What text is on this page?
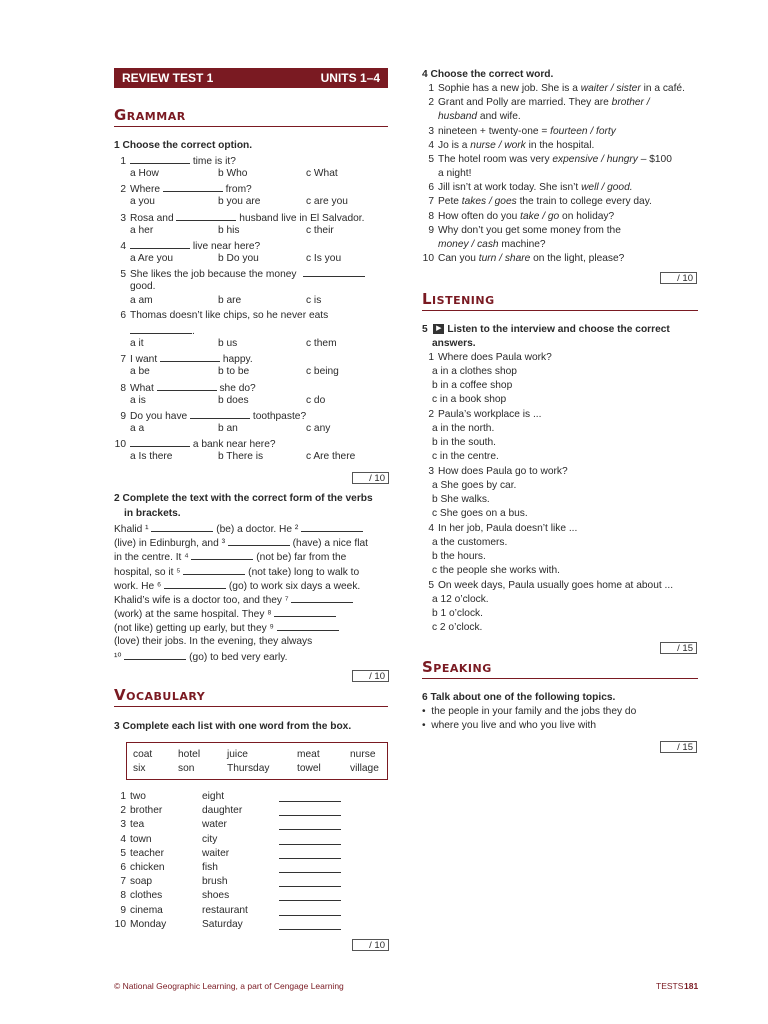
REVIEW TEST 1	UNITS 1–4
Grammar
1 Choose the correct option.
1	time is it?
a How	b Who	c What
2 Where	from?
a you	b you are	c are you
3 Rosa and	husband live in El Salvador.
a her	b his	c their
4	live near here?
a Are you	b Do you	c Is you
5 She likes the job because the money
good.
a am	b are	c is
6 Thomas doesn’t like chips, so he never eats
.
a it	b us	c them
7 I want	happy.
a be	b to be	c being
8 What	she do?
a is	b does	c do
9 Do you have	toothpaste?
a a	b an	c any
10	a bank near here?
a Is there	b There is	c Are there
/ 10
2 Complete the text with the correct form of the verbs
in brackets.
Khalid ¹	(be) a doctor. He ²
(live) in Edinburgh, and ³	(have) a nice flat
in the centre. It ⁴	(not be) far from the
hospital, so it ⁵	(not take) long to walk to
work. He ⁶	(go) to work six days a week.
Khalid’s wife is a doctor too, and they ⁷
(work) at the same hospital. They ⁸
(not like) getting up early, but they ⁹
(love) their jobs. In the evening, they always
¹⁰	(go) to bed very early.
/ 10
Vocabulary
3 Complete each list with one word from the box.
coat	hotel	juice	meat	nurse
six	son	Thursday	towel	village
1 two	eight
2 brother	daughter
3 tea	water
4 town	city
5 teacher	waiter
6 chicken	fish
7 soap	brush
8 clothes	shoes
9 cinema	restaurant
10 Monday	Saturday
/ 10
4 Choose the correct word.
1 Sophie has a new job. She is a waiter / sister in a café.
2 Grant and Polly are married. They are brother /
husband and wife.
3 nineteen + twenty-one = fourteen / forty
4 Jo is a nurse / work in the hospital.
5 The hotel room was very expensive / hungry – $100
a night!
6 Jill isn’t at work today. She isn’t well / good.
7 Pete takes / goes the train to college every day.
8 How often do you take / go on holiday?
9 Why don’t you get some money from the
money / cash machine?
10 Can you turn / share on the light, please?
/ 10
Listening
5 ▶ Listen to the interview and choose the correct
answers.
1 Where does Paula work?
a in a clothes shop
b in a coffee shop
c in a book shop
2 Paula’s workplace is ...
a in the north.
b in the south.
c in the centre.
3 How does Paula go to work?
a She goes by car.
b She walks.
c She goes on a bus.
4 In her job, Paula doesn’t like ...
a the customers.
b the hours.
c the people she works with.
5 On week days, Paula usually goes home at about ...
a 12 o’clock.
b 1 o’clock.
c 2 o’clock.
/ 15
Speaking
6 Talk about one of the following topics.
•  the people in your family and the jobs they do
•  where you live and who you live with
/ 15
© National Geographic Learning, a part of Cengage Learning	TESTS 181
